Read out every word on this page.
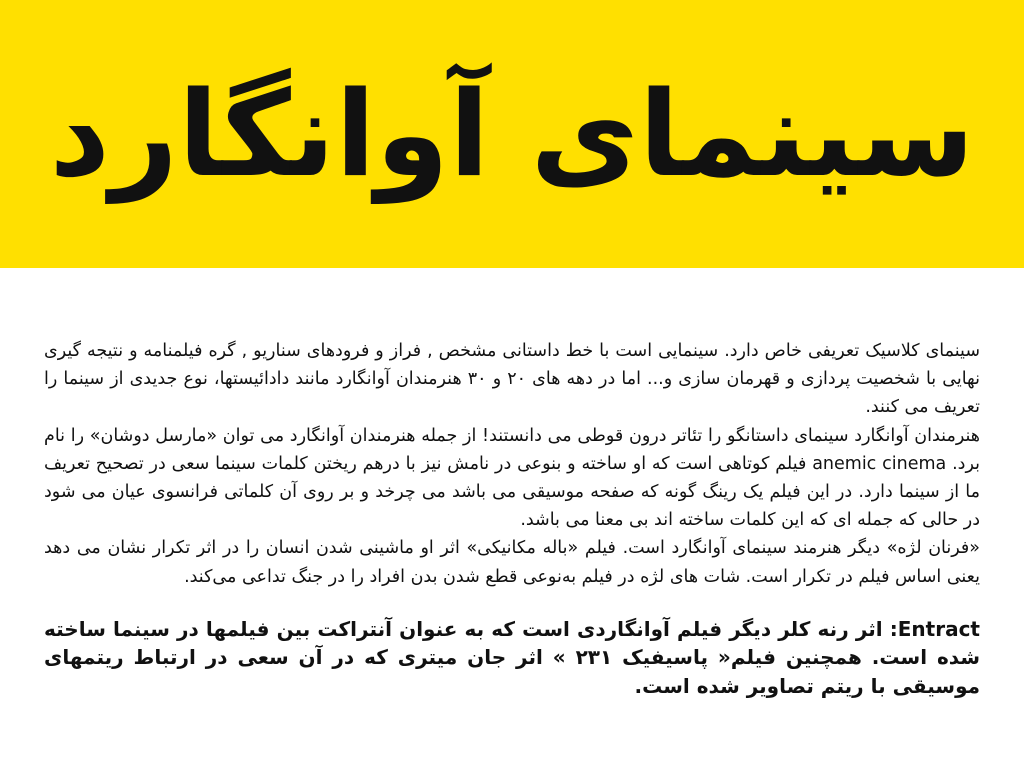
سینمای آوانگارد

سینمای کلاسیک تعریفی خاص دارد. سینمایی است با خط داستانی مشخص , فراز و فرودهای سناریو , گره فیلمنامه و نتیجه گیری نهایی با شخصیت پردازی و قهرمان سازی و... اما در دهه های ۲۰ و ۳۰ هنرمندان آوانگارد مانند دادائیستها، نوع جدیدی از سینما را تعریف می کنند.

هنرمندان آوانگارد سینمای داستانگو را تئاتر درون قوطی می دانستند! از جمله هنرمندان آوانگارد می توان «مارسل دوشان» را نام برد. anemic cinema فیلم کوتاهی است که او ساخته و بنوعی در نامش نیز با درهم ریختن کلمات سینما سعی در تصحیح تعریف ما از سینما دارد. در این فیلم یک رینگ گونه که صفحه موسیقی می باشد می چرخد و بر روی آن کلماتی فرانسوی عیان می شود در حالی که جمله ای که این کلمات ساخته اند بی معنا می باشد.

«فرنان لژه» دیگر هنرمند سینمای آوانگارد است. فیلم «باله مکانیکی» اثر او ماشینی شدن انسان را در اثر تکرار نشان می دهد یعنی اساس فیلم در تکرار است. شات های لژه در فیلم به‌نوعی قطع شدن بدن افراد را در جنگ تداعی می‌کند.

Entract: اثر رنه کلر دیگر فیلم آوانگاردی است که به عنوان آنتراکت بین فیلمها در سینما ساخته شده است. همچنین فیلم« پاسیفیک ۲۳۱ » اثر جان میتری که در آن سعی در ارتباط ریتمهای موسیقی با ریتم تصاویر شده است.
